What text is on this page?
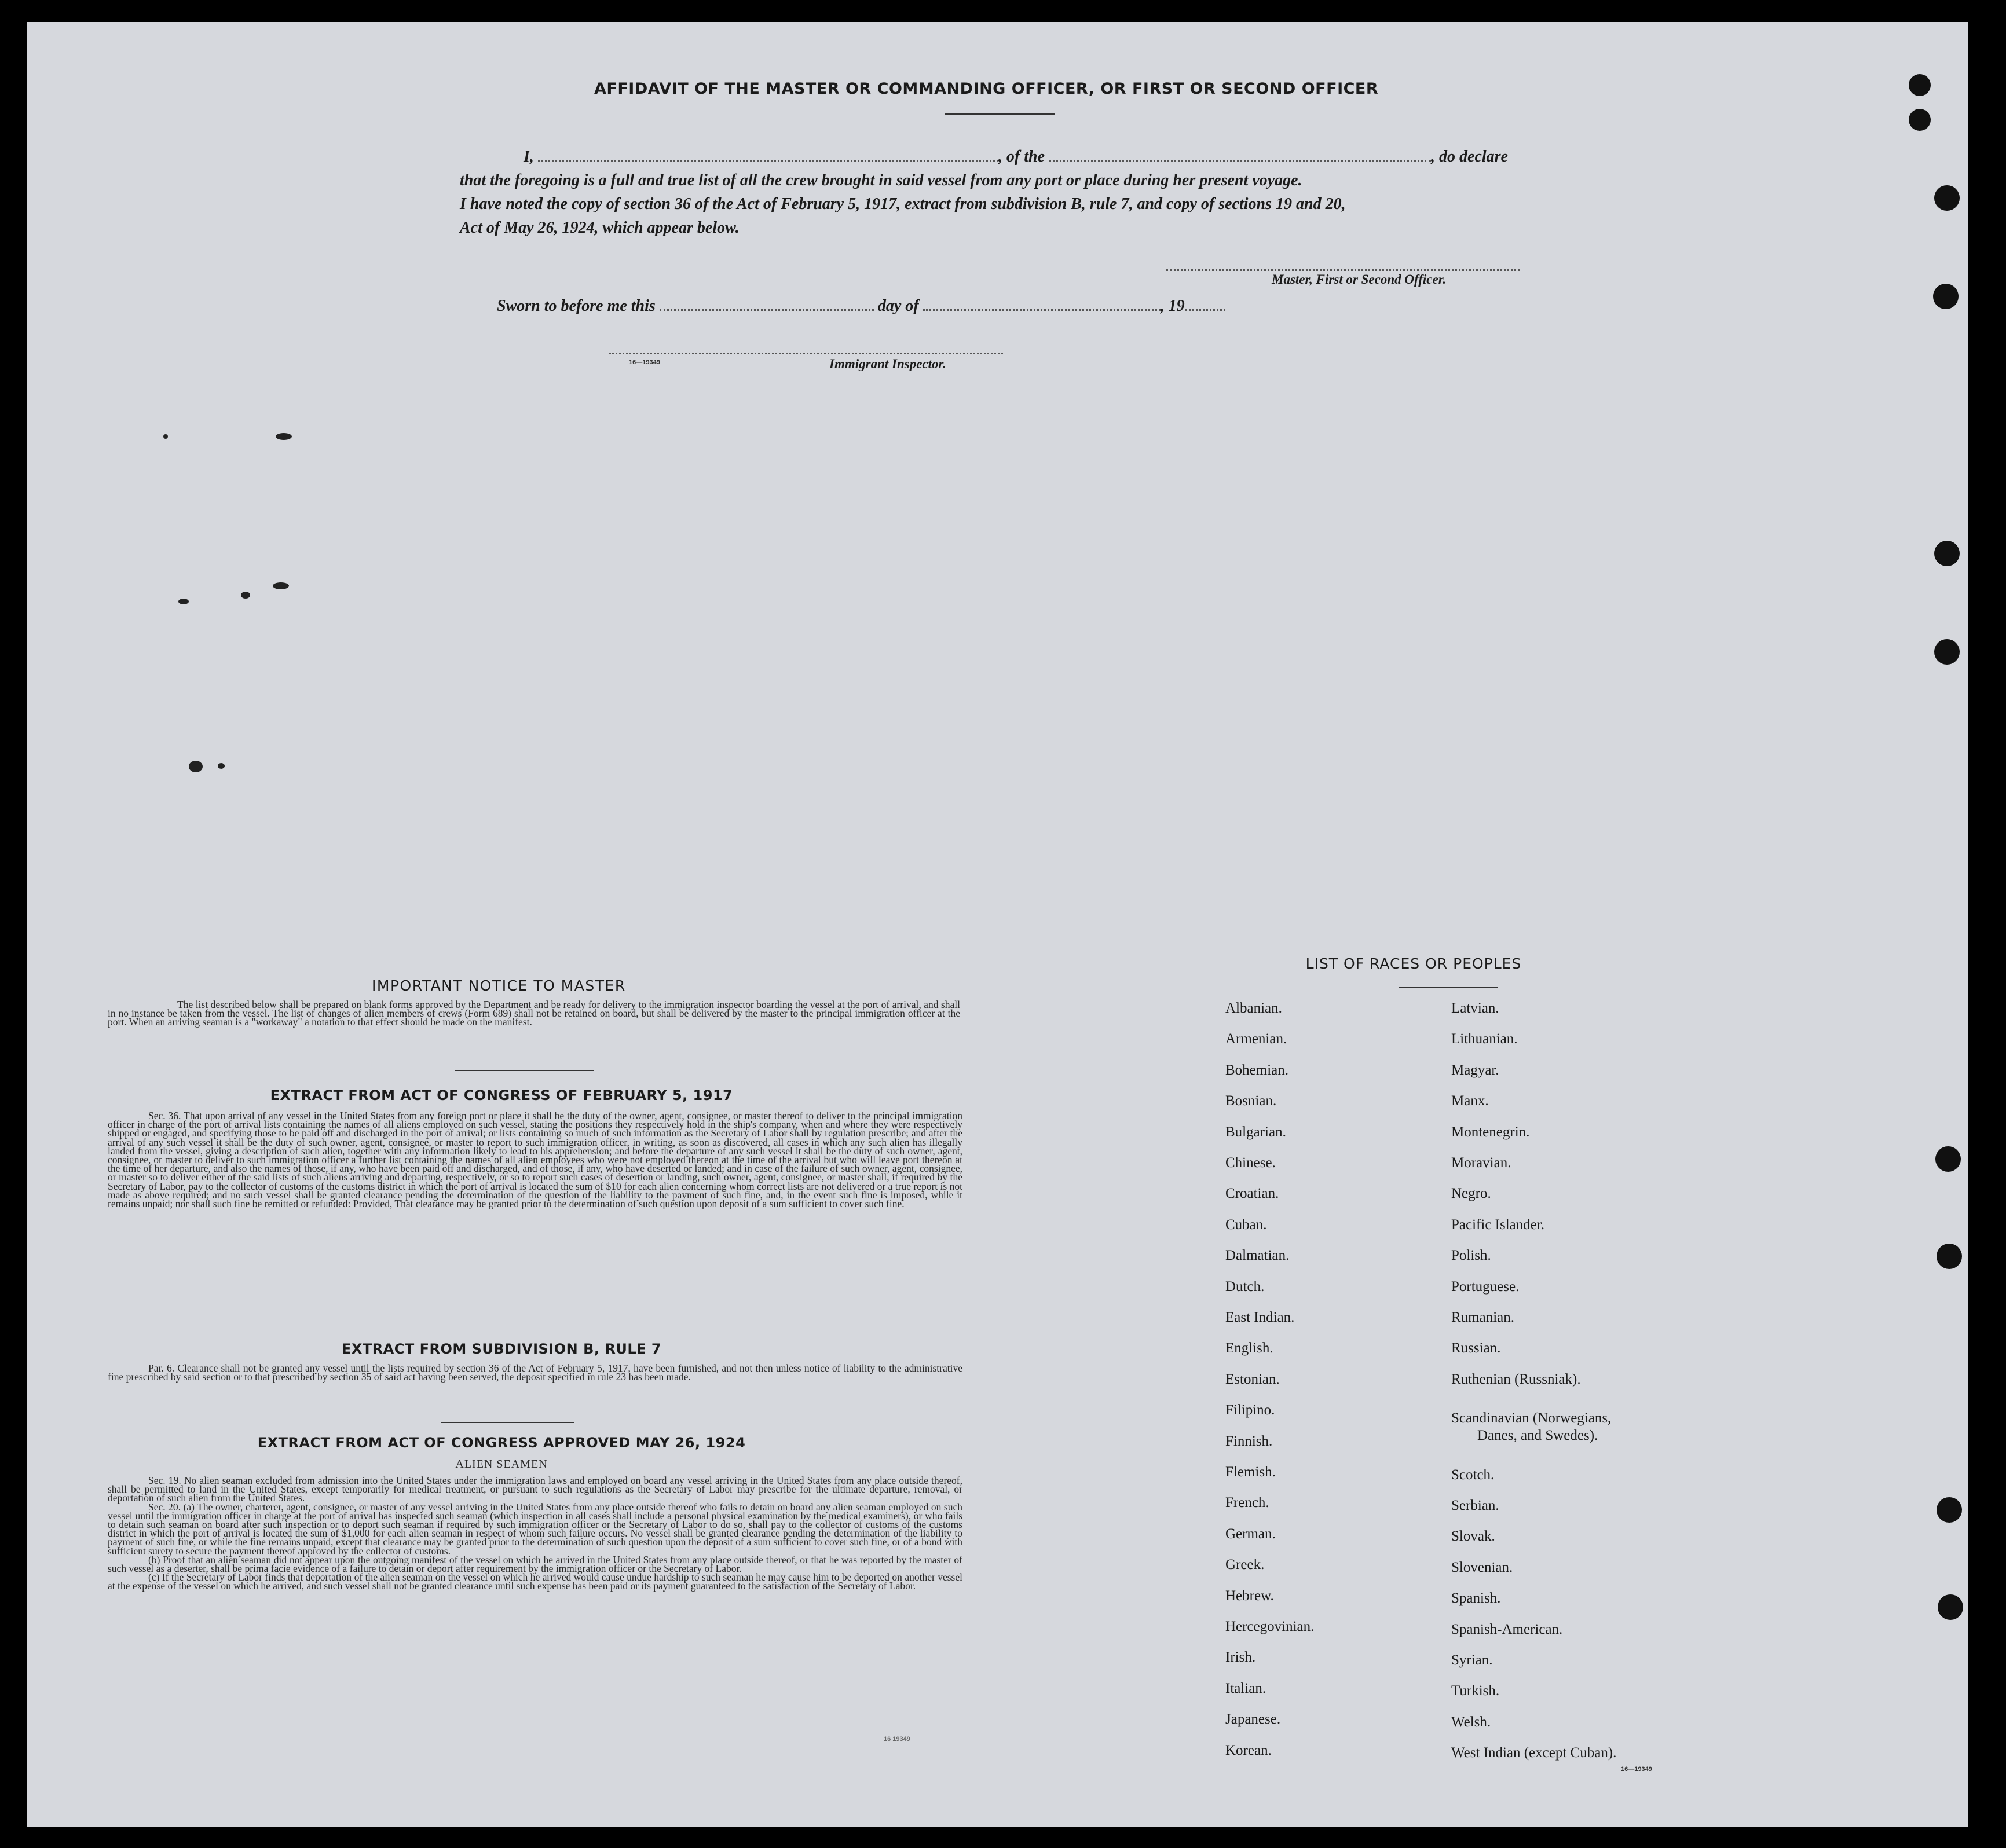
AFFIDAVIT OF THE MASTER OR COMMANDING OFFICER, OR FIRST OR SECOND OFFICER

I,	, of the	, do declare

that the foregoing is a full and true list of all the crew brought in said vessel from any port or place during her present voyage.

I have noted the copy of section 36 of the Act of February 5, 1917, extract from subdivision B, rule 7, and copy of sections 19 and 20,

Act of May 26, 1924, which appear below.

Master, First or Second Officer.
Sworn to before me this	day of	, 19
16—19349	Immigrant Inspector.
IMPORTANT NOTICE TO MASTER
The list described below shall be prepared on blank forms approved by the Department and be ready for delivery to the immigration inspector boarding the vessel at the port of arrival, and shall in no instance be taken from the vessel. The list of changes of alien members of crews (Form 689) shall not be retained on board, but shall be delivered by the master to the principal immigration officer at the port. When an arriving seaman is a "workaway" a notation to that effect should be made on the manifest.
EXTRACT FROM ACT OF CONGRESS OF FEBRUARY 5, 1917
Sec. 36. That upon arrival of any vessel in the United States from any foreign port or place it shall be the duty of the owner, agent, consignee, or master thereof to deliver to the principal immigration officer in charge of the port of arrival lists containing the names of all aliens employed on such vessel, stating the positions they respectively hold in the ship's company, when and where they were respectively shipped or engaged, and specifying those to be paid off and discharged in the port of arrival; or lists containing so much of such information as the Secretary of Labor shall by regulation prescribe; and after the arrival of any such vessel it shall be the duty of such owner, agent, consignee, or master to report to such immigration officer, in writing, as soon as discovered, all cases in which any such alien has illegally landed from the vessel, giving a description of such alien, together with any information likely to lead to his apprehension; and before the departure of any such vessel it shall be the duty of such owner, agent, consignee, or master to deliver to such immigration officer a further list containing the names of all alien employees who were not employed thereon at the time of the arrival but who will leave port thereon at the time of her departure, and also the names of those, if any, who have been paid off and discharged, and of those, if any, who have deserted or landed; and in case of the failure of such owner, agent, consignee, or master so to deliver either of the said lists of such aliens arriving and departing, respectively, or so to report such cases of desertion or landing, such owner, agent, consignee, or master shall, if required by the Secretary of Labor, pay to the collector of customs of the customs district in which the port of arrival is located the sum of $10 for each alien concerning whom correct lists are not delivered or a true report is not made as above required; and no such vessel shall be granted clearance pending the determination of the question of the liability to the payment of such fine, and, in the event such fine is imposed, while it remains unpaid; nor shall such fine be remitted or refunded: Provided, That clearance may be granted prior to the determination of such question upon deposit of a sum sufficient to cover such fine.
EXTRACT FROM SUBDIVISION B, RULE 7
Par. 6. Clearance shall not be granted any vessel until the lists required by section 36 of the Act of February 5, 1917, have been furnished, and not then unless notice of liability to the administrative fine prescribed by said section or to that prescribed by section 35 of said act having been served, the deposit specified in rule 23 has been made.
EXTRACT FROM ACT OF CONGRESS APPROVED MAY 26, 1924
ALIEN SEAMEN

Sec. 19. No alien seaman excluded from admission into the United States under the immigration laws and employed on board any vessel arriving in the United States from any place outside thereof, shall be permitted to land in the United States, except temporarily for medical treatment, or pursuant to such regulations as the Secretary of Labor may prescribe for the ultimate departure, removal, or deportation of such alien from the United States.

Sec. 20. (a) The owner, charterer, agent, consignee, or master of any vessel arriving in the United States from any place outside thereof who fails to detain on board any alien seaman employed on such vessel until the immigration officer in charge at the port of arrival has inspected such seaman (which inspection in all cases shall include a personal physical examination by the medical examiners), or who fails to detain such seaman on board after such inspection or to deport such seaman if required by such immigration officer or the Secretary of Labor to do so, shall pay to the collector of customs of the customs district in which the port of arrival is located the sum of $1,000 for each alien seaman in respect of whom such failure occurs. No vessel shall be granted clearance pending the determination of the liability to payment of such fine, or while the fine remains unpaid, except that clearance may be granted prior to the determination of such question upon the deposit of a sum sufficient to cover such fine, or of a bond with sufficient surety to secure the payment thereof approved by the collector of customs.

(b) Proof that an alien seaman did not appear upon the outgoing manifest of the vessel on which he arrived in the United States from any place outside thereof, or that he was reported by the master of such vessel as a deserter, shall be prima facie evidence of a failure to detain or deport after requirement by the immigration officer or the Secretary of Labor.

(c) If the Secretary of Labor finds that deportation of the alien seaman on the vessel on which he arrived would cause undue hardship to such seaman he may cause him to be deported on another vessel at the expense of the vessel on which he arrived, and such vessel shall not be granted clearance until such expense has been paid or its payment guaranteed to the satisfaction of the Secretary of Labor.

16 19349
LIST OF RACES OR PEOPLES
16—19349
Albanian.
Armenian.
Bohemian.
Bosnian.
Bulgarian.
Chinese.
Croatian.
Cuban.
Dalmatian.
Dutch.
East Indian.
English.
Estonian.
Filipino.
Finnish.
Flemish.
French.
German.
Greek.
Hebrew.
Hercegovinian.
Irish.
Italian.
Japanese.
Korean.
Latvian.
Lithuanian.
Magyar.
Manx.
Montenegrin.
Moravian.
Negro.
Pacific Islander.
Polish.
Portuguese.
Rumanian.
Russian.
Ruthenian (Russniak).
Scandinavian (Norwegians,
Danes, and Swedes).
Scotch.
Serbian.
Slovak.
Slovenian.
Spanish.
Spanish-American.
Syrian.
Turkish.
Welsh.
West Indian (except Cuban).
